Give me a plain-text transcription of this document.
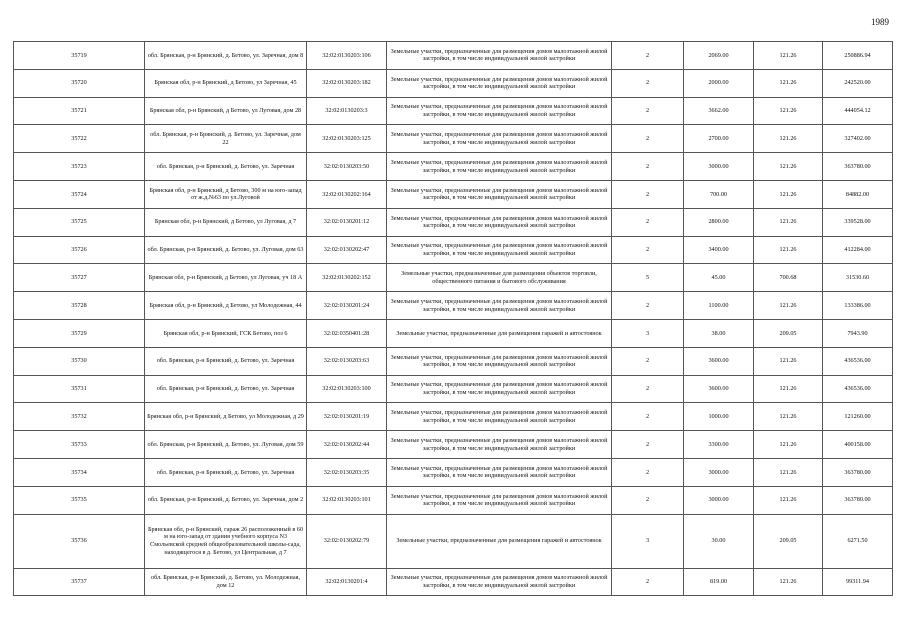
1989
35719	обл. Брянская, р-н Брянский, д. Бетово, ул. Заречная, дом 8	32:02:0130203:106	Земельные участки, предназначенные для размещения домов малоэтажной жилой застройки, в том числе индивидуальной жилой застройки	2	2069.00	121.26	250886.94
35720	Брянская обл, р-н Брянский, д Бетово, ул Заречная, 45	32:02:0130203:182	Земельные участки, предназначенные для размещения домов малоэтажной жилой застройки, в том числе индивидуальной жилой застройки	2	2000.00	121.26	242520.00
35721	Брянская обл, р-н Брянский, д Бетово, ул Луговая, дом 28	32:02:0130203:3	Земельные участки, предназначенные для размещения домов малоэтажной жилой застройки, в том числе индивидуальной жилой застройки	2	3662.00	121.26	444054.12
35722	обл. Брянская, р-н Брянский, д. Бетово, ул. Заречная, дом 22	32:02:0130203:125	Земельные участки, предназначенные для размещения домов малоэтажной жилой застройки, в том числе индивидуальной жилой застройки	2	2700.00	121.26	327402.00
35723	обл. Брянская, р-н Брянский, д. Бетово, ул. Заречная	32:02:0130203:50	Земельные участки, предназначенные для размещения домов малоэтажной жилой застройки, в том числе индивидуальной жилой застройки	2	3000.00	121.26	363780.00
35724	Брянская обл, р-н Брянский, д Бетово, 300 м на юго-запад от ж.д.№63 по ул.Луговой	32:02:0130202:164	Земельные участки, предназначенные для размещения домов малоэтажной жилой застройки, в том числе индивидуальной жилой застройки	2	700.00	121.26	84882.00
35725	Брянская обл, р-н Брянский, д Бетово, ул Луговая, д 7	32:02:0130201:12	Земельные участки, предназначенные для размещения домов малоэтажной жилой застройки, в том числе индивидуальной жилой застройки	2	2800.00	121.26	339528.00
35726	обл. Брянская, р-н Брянский, д. Бетово, ул. Луговая, дом 63	32:02:0130202:47	Земельные участки, предназначенные для размещения домов малоэтажной жилой застройки, в том числе индивидуальной жилой застройки	2	3400.00	121.26	412284.00
35727	Брянская обл, р-н Брянский, д Бетово, ул Луговая, уч 18 А	32:02:0130202:152	Земельные участки, предназначенные для размещения объектов торговли, общественного питания и бытового обслуживания	5	45.00	700.68	31530.60
35728	Брянская обл, р-н Брянский, д Бетово, ул Молодежная, 44	32:02:0130201:24	Земельные участки, предназначенные для размещения домов малоэтажной жилой застройки, в том числе индивидуальной жилой застройки	2	1100.00	121.26	133386.00
35729	Брянская обл, р-н Брянский, ГСК Бетово, поз 6	32:02:0350401:28	Земельные участки, предназначенные для размещения гаражей и автостоянок	3	38.00	209.05	7943.90
35730	обл. Брянская, р-н Брянский, д. Бетово, ул. Заречная	32:02:0130203:63	Земельные участки, предназначенные для размещения домов малоэтажной жилой застройки, в том числе индивидуальной жилой застройки	2	3600.00	121.26	436536.00
35731	обл. Брянская, р-н Брянский, д. Бетово, ул. Заречная	32:02:0130203:100	Земельные участки, предназначенные для размещения домов малоэтажной жилой застройки, в том числе индивидуальной жилой застройки	2	3600.00	121.26	436536.00
35732	Брянская обл, р-н Брянский, д Бетово, ул Молодежная, д 29	32:02:0130201:19	Земельные участки, предназначенные для размещения домов малоэтажной жилой застройки, в том числе индивидуальной жилой застройки	2	1000.00	121.26	121260.00
35733	обл. Брянская, р-н Брянский, д. Бетово, ул. Луговая, дом 59	32:02:0130202:44	Земельные участки, предназначенные для размещения домов малоэтажной жилой застройки, в том числе индивидуальной жилой застройки	2	3300.00	121.26	400158.00
35734	обл. Брянская, р-н Брянский, д. Бетово, ул. Заречная	32:02:0130203:35	Земельные участки, предназначенные для размещения домов малоэтажной жилой застройки, в том числе индивидуальной жилой застройки	2	3000.00	121.26	363780.00
35735	обл. Брянская, р-н Брянский, д. Бетово, ул. Заречная, дом 2	32:02:0130203:101	Земельные участки, предназначенные для размещения домов малоэтажной жилой застройки, в том числе индивидуальной жилой застройки	2	3000.00	121.26	363780.00
35736	Брянская обл, р-н Брянский, гараж 26 расположенный в 60 м на юго-запад от здания учебного корпуса N3 Смольевской средней общеобразовательной школы-сада, находящегося в д. Бетово, ул Центральная, д 7	32:02:0130202:79	Земельные участки, предназначенные для размещения гаражей и автостоянок	3	30.00	209.05	6271.50
35737	обл. Брянская, р-н Брянский, д. Бетово, ул. Молодежная, дом 12	32:02:0130201:4	Земельные участки, предназначенные для размещения домов малоэтажной жилой застройки, в том числе индивидуальной жилой застройки	2	819.00	121.26	99311.94
